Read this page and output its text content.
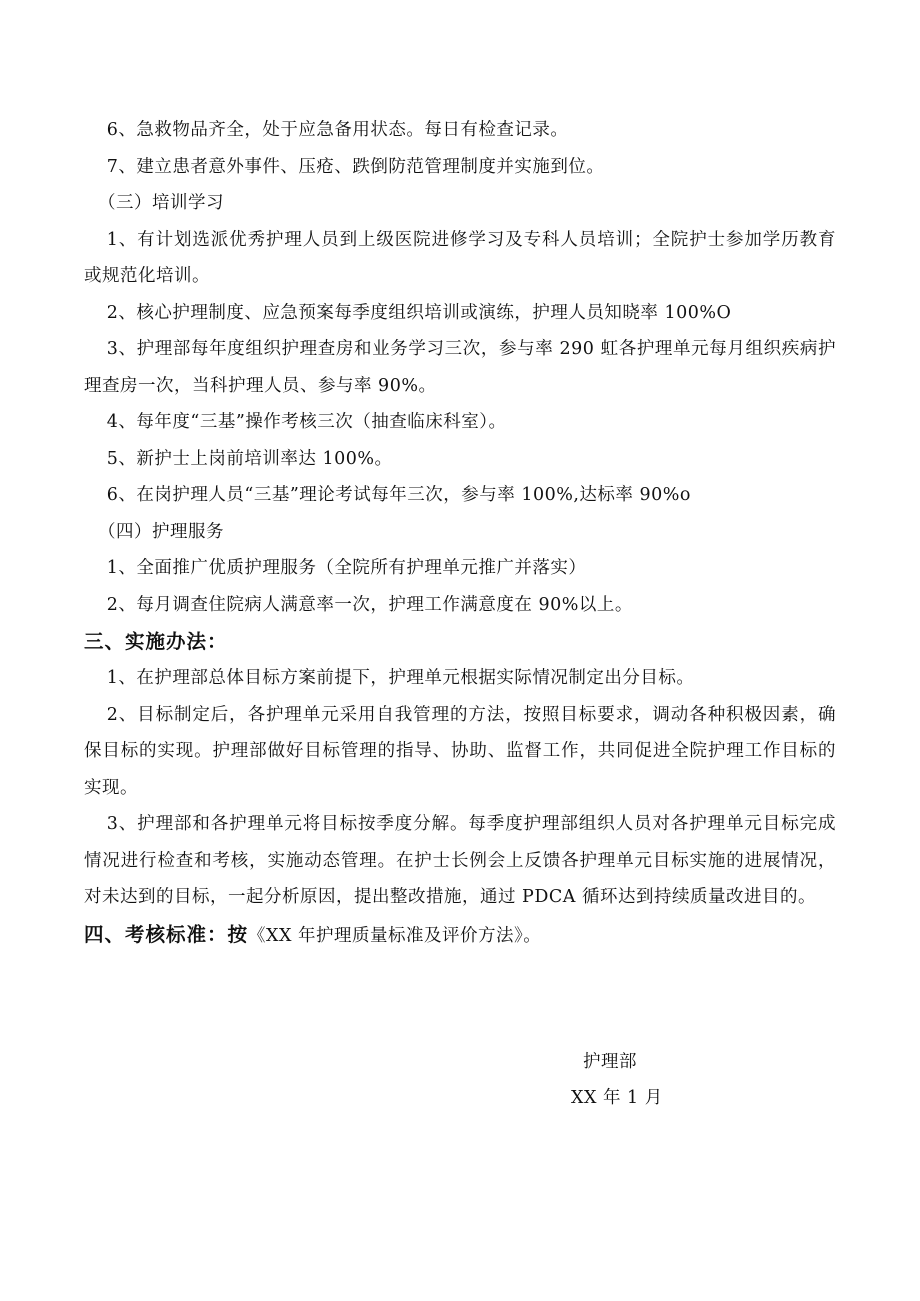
6、急救物品齐全，处于应急备用状态。每日有检查记录。

7、建立患者意外事件、压疮、跌倒防范管理制度并实施到位。

（三）培训学习

1、有计划选派优秀护理人员到上级医院进修学习及专科人员培训；全院护士参加学历教育或规范化培训。

2、核心护理制度、应急预案每季度组织培训或演练，护理人员知晓率 100%O

3、护理部每年度组织护理查房和业务学习三次，参与率 290 虹各护理单元每月组织疾病护理查房一次，当科护理人员、参与率 90%。

4、每年度“三基”操作考核三次（抽查临床科室）。

5、新护士上岗前培训率达 100%。

6、在岗护理人员“三基”理论考试每年三次，参与率 100%,达标率 90%o

（四）护理服务

1、全面推广优质护理服务（全院所有护理单元推广并落实）

2、每月调查住院病人满意率一次，护理工作满意度在 90%以上。

三、实施办法：

1、在护理部总体目标方案前提下，护理单元根据实际情况制定出分目标。

2、目标制定后，各护理单元采用自我管理的方法，按照目标要求，调动各种积极因素，确保目标的实现。护理部做好目标管理的指导、协助、监督工作，共同促进全院护理工作目标的实现。

3、护理部和各护理单元将目标按季度分解。每季度护理部组织人员对各护理单元目标完成情况进行检查和考核，实施动态管理。在护士长例会上反馈各护理单元目标实施的进展情况，对未达到的目标，一起分析原因，提出整改措施，通过 PDCA 循环达到持续质量改进目的。

四、考核标准：按《XX 年护理质量标准及评价方法》。

护理部
XX 年 1 月
